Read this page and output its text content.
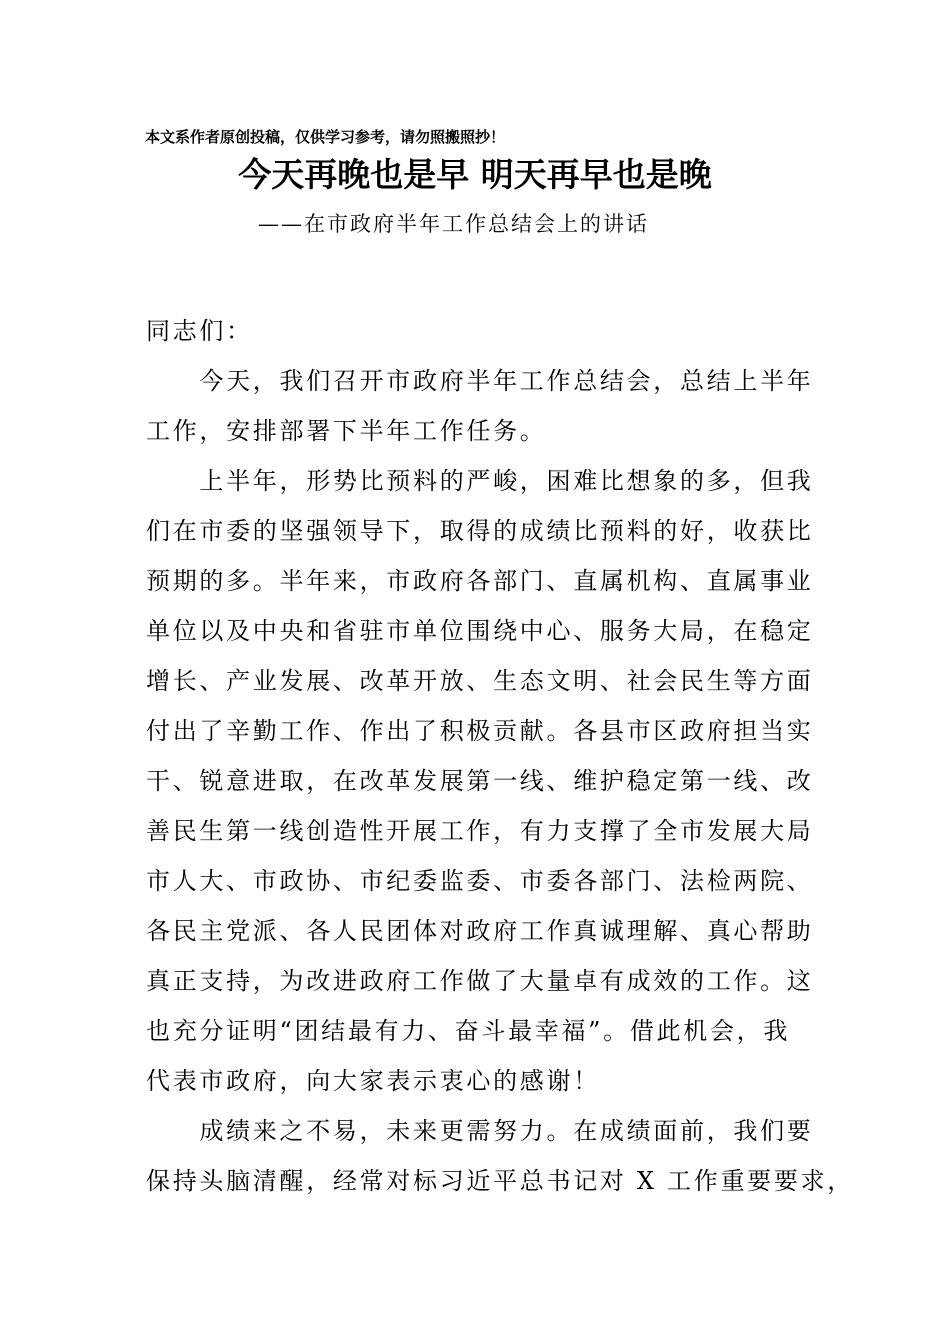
本文系作者原创投稿，仅供学习参考，请勿照搬照抄！
今天再晚也是早 明天再早也是晚
——在市政府半年工作总结会上的讲话
同志们：
　　今天，我们召开市政府半年工作总结会，总结上半年
工作，安排部署下半年工作任务。
　　上半年，形势比预料的严峻，困难比想象的多，但我
们在市委的坚强领导下，取得的成绩比预料的好，收获比
预期的多。半年来，市政府各部门、直属机构、直属事业
单位以及中央和省驻市单位围绕中心、服务大局，在稳定
增长、产业发展、改革开放、生态文明、社会民生等方面
付出了辛勤工作、作出了积极贡献。各县市区政府担当实
干、锐意进取，在改革发展第一线、维护稳定第一线、改
善民生第一线创造性开展工作，有力支撑了全市发展大局
市人大、市政协、市纪委监委、市委各部门、法检两院、
各民主党派、各人民团体对政府工作真诚理解、真心帮助
真正支持，为改进政府工作做了大量卓有成效的工作。这
也充分证明“团结最有力、奋斗最幸福”。借此机会，我
代表市政府，向大家表示衷心的感谢！
　　成绩来之不易，未来更需努力。在成绩面前，我们要
保持头脑清醒，经常对标习近平总书记对 X 工作重要要求，
